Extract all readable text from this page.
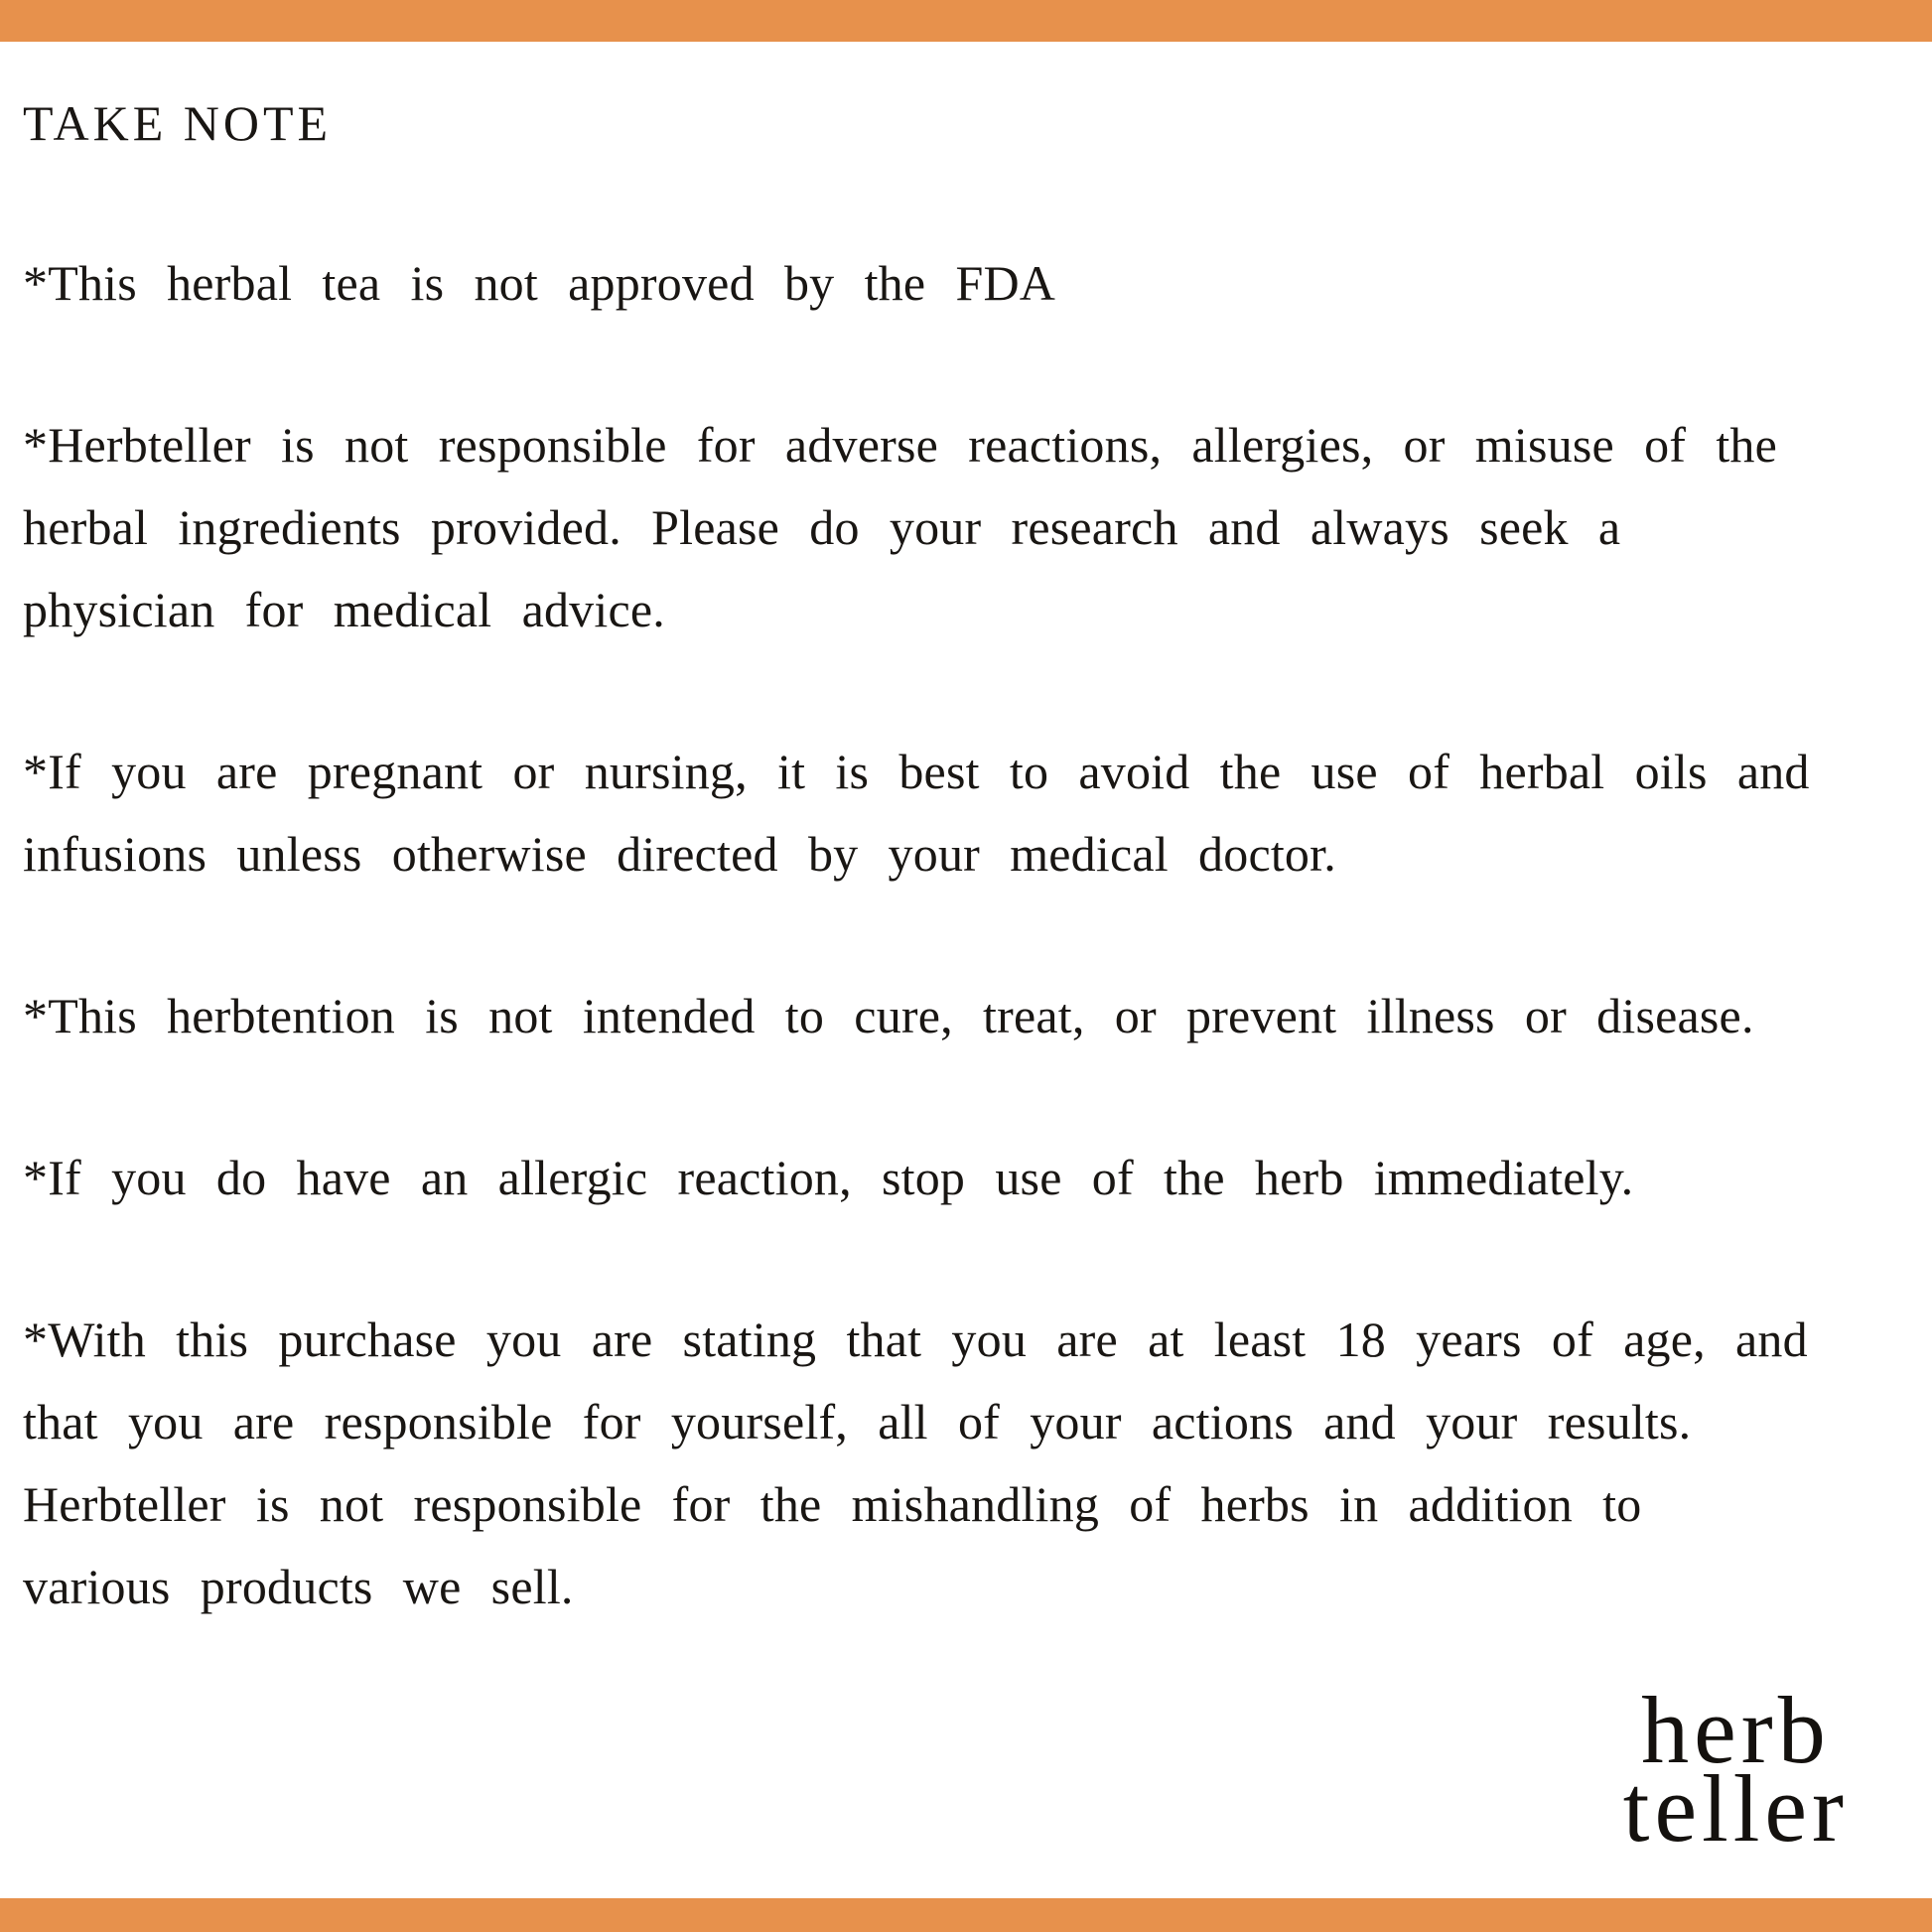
TAKE NOTE

*This herbal tea is not approved by the FDA

*Herbteller is not responsible for adverse reactions, allergies, or misuse of the

herbal ingredients provided. Please do your research and always seek a

physician for medical advice.

*If you are pregnant or nursing, it is best to avoid the use of herbal oils and

infusions unless otherwise directed by your medical doctor.

*This herbtention is not intended to cure, treat, or prevent illness or disease.

*If you do have an allergic reaction, stop use of the herb immediately.

*With this purchase you are stating that you are at least 18 years of age, and

that you are responsible for yourself, all of your actions and your results.

Herbteller is not responsible for the mishandling of herbs in addition to

various products we sell.

herb
teller
